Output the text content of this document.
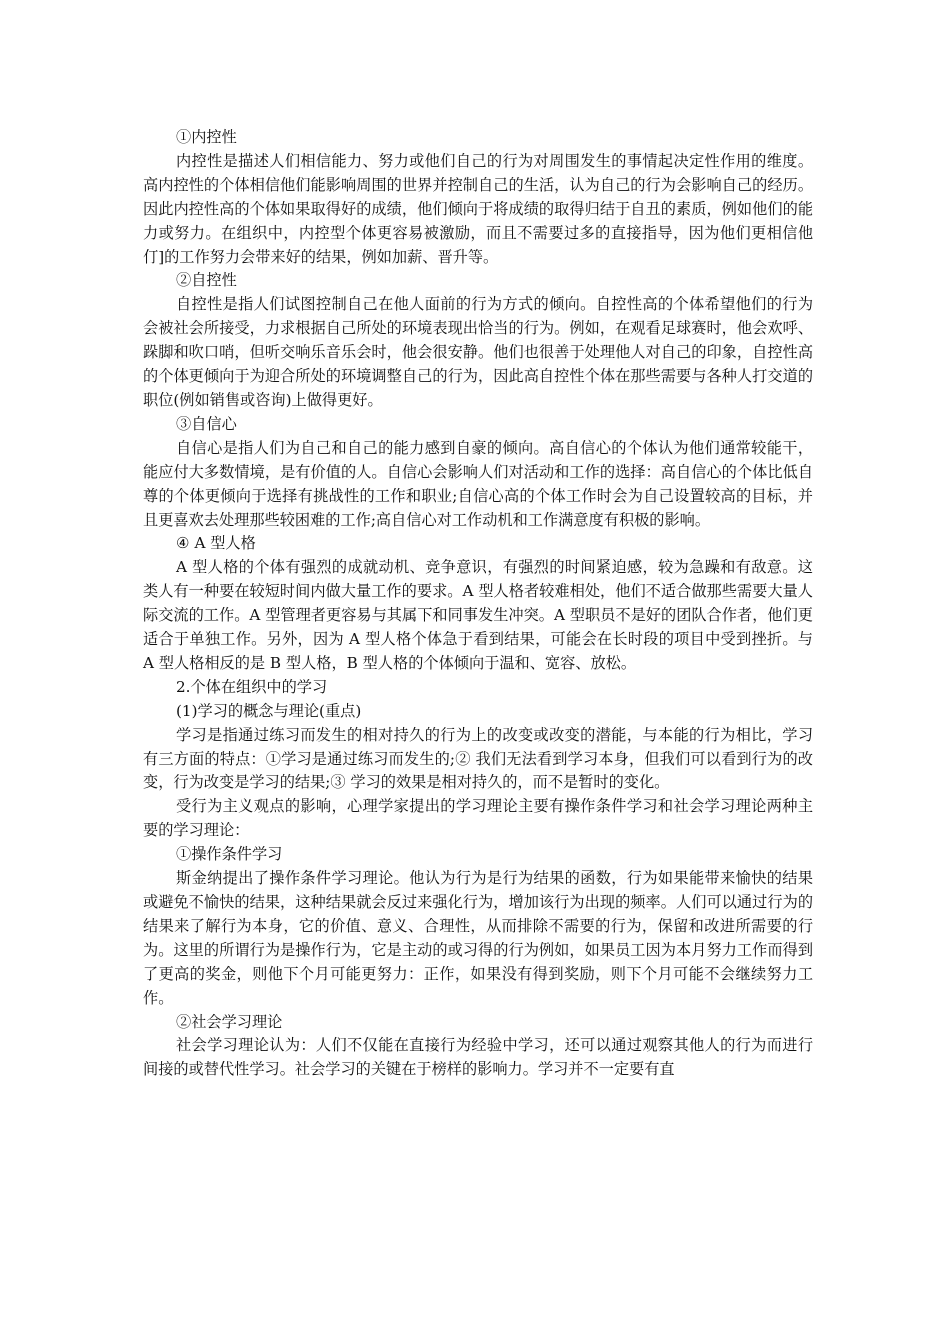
①内控性

内控性是描述人们相信能力、努力或他们自己的行为对周围发生的事情起决定性作用的维度。高内控性的个体相信他们能影响周围的世界并控制自己的生活，认为自己的行为会影响自己的经历。因此内控性高的个体如果取得好的成绩，他们倾向于将成绩的取得归结于自丑的素质，例如他们的能力或努力。在组织中，内控型个体更容易被激励，而且不需要过多的直接指导，因为他们更相信他仃]的工作努力会带来好的结果，例如加薪、晋升等。

②自控性

自控性是指人们试图控制自己在他人面前的行为方式的倾向。自控性高的个体希望他们的行为会被社会所接受，力求根据自己所处的环境表现出恰当的行为。例如，在观看足球赛时，他会欢呼、跺脚和吹口哨，但听交响乐音乐会时，他会很安静。他们也很善于处理他人对自己的印象，自控性高的个体更倾向于为迎合所处的环境调整自己的行为，因此高自控性个体在那些需要与各种人打交道的职位(例如销售或咨询)上做得更好。

③自信心

自信心是指人们为自己和自己的能力感到自豪的倾向。高自信心的个体认为他们通常较能干，能应付大多数情境，是有价值的人。自信心会影响人们对活动和工作的选择：高自信心的个体比低自尊的个体更倾向于选择有挑战性的工作和职业;自信心高的个体工作时会为自己设置较高的目标，并且更喜欢去处理那些较困难的工作;高自信心对工作动机和工作满意度有积极的影响。

④ A 型人格

A 型人格的个体有强烈的成就动机、竞争意识，有强烈的时间紧迫感，较为急躁和有敌意。这类人有一种要在较短时间内做大量工作的要求。A 型人格者较难相处，他们不适合做那些需要大量人际交流的工作。A 型管理者更容易与其属下和同事发生冲突。A 型职员不是好的团队合作者，他们更适合于单独工作。另外，因为 A 型人格个体急于看到结果，可能会在长时段的项目中受到挫折。与 A 型人格相反的是 B 型人格，B 型人格的个体倾向于温和、宽容、放松。

2.个体在组织中的学习

(1)学习的概念与理论(重点)

学习是指通过练习而发生的相对持久的行为上的改变或改变的潜能，与本能的行为相比，学习有三方面的特点：①学习是通过练习而发生的;② 我们无法看到学习本身，但我们可以看到行为的改变，行为改变是学习的结果;③ 学习的效果是相对持久的，而不是暂时的变化。

受行为主义观点的影响，心理学家提出的学习理论主要有操作条件学习和社会学习理论两种主要的学习理论：

①操作条件学习

斯金纳提出了操作条件学习理论。他认为行为是行为结果的函数，行为如果能带来愉快的结果或避免不愉快的结果，这种结果就会反过来强化行为，增加该行为出现的频率。人们可以通过行为的结果来了解行为本身，它的价值、意义、合理性，从而排除不需要的行为，保留和改进所需要的行为。这里的所谓行为是操作行为，它是主动的或习得的行为例如，如果员工因为本月努力工作而得到了更高的奖金，则他下个月可能更努力：正作，如果没有得到奖励，则下个月可能不会继续努力工作。

②社会学习理论

社会学习理论认为：人们不仅能在直接行为经验中学习，还可以通过观察其他人的行为而进行间接的或替代性学习。社会学习的关键在于榜样的影响力。学习并不一定要有直
